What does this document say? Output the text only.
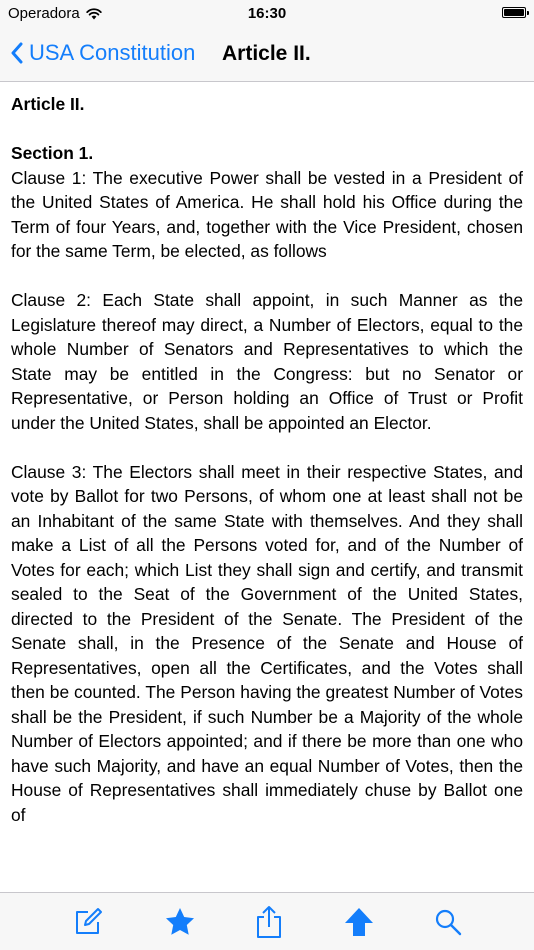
Operadora	16:30
USA Constitution Article II.
Article II.
Section 1.

Clause 1: The executive Power shall be vested in a President of the United States of America. He shall hold his Office during the Term of four Years, and, together with the Vice President, chosen for the same Term, be elected, as follows

Clause 2: Each State shall appoint, in such Manner as the Legislature thereof may direct, a Number of Electors, equal to the whole Number of Senators and Representatives to which the State may be entitled in the Congress: but no Senator or Representative, or Person holding an Office of Trust or Profit under the United States, shall be appointed an Elector.

Clause 3: The Electors shall meet in their respective States, and vote by Ballot for two Persons, of whom one at least shall not be an Inhabitant of the same State with themselves. And they shall make a List of all the Persons voted for, and of the Number of Votes for each; which List they shall sign and certify, and transmit sealed to the Seat of the Government of the United States, directed to the President of the Senate. The President of the Senate shall, in the Presence of the Senate and House of Representatives, open all the Certificates, and the Votes shall then be counted. The Person having the greatest Number of Votes shall be the President, if such Number be a Majority of the whole Number of Electors appointed; and if there be more than one who have such Majority, and have an equal Number of Votes, then the House of Representatives shall immediately chuse by Ballot one of
